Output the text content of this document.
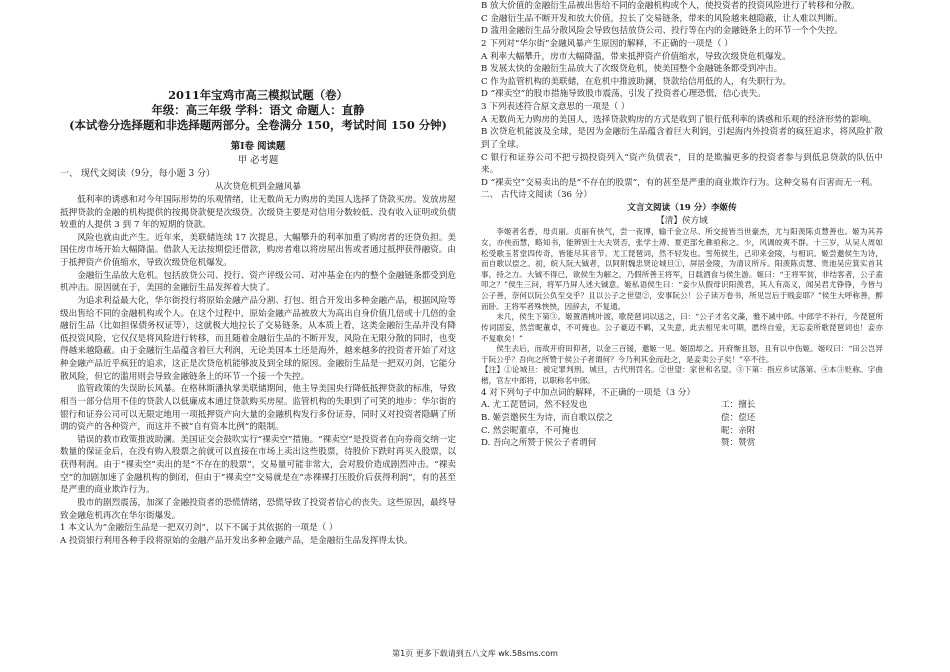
2011年宝鸡市高三模拟试题（卷）
年级：高三年级 学科：语文 命题人：直静
(本试卷分选择题和非选择题两部分。全卷满分 150，考试时间 150 分钟)
第Ⅰ卷 阅读题
甲 必考题

一、 现代文阅读（9分，每小题 3 分）

从次贷危机到金融风暴

低利率的诱惑和对今年国际形势的乐观情绪，让无数尚无力购房的美国人选择了贷款买房。发放房屋抵押贷款的金融的机构提供的按揭贷款便是次级贷。次级贷主要是对信用分数较低、没有收入证明或负债较重的人提供 3 到 7 年的短期的贷款。

风险也就由此产生。近年来，美联储连续 17 次提息，大幅攀升的利率加重了购房者的还贷负担。美国住房市场开始大幅降温。借款人无法按期偿还借款，购房者难以将房屋出售或者通过抵押获得融资。由于抵押资产价值缩水，导致次级贷危机爆发。

金融衍生品放大危机。包括放贷公司、投行、资产评级公司、对冲基金在内的整个金融链条都受到危机冲击。原因就在于，美国的金融衍生品发挥着大快了。

为追求利益最大化，华尔街投行将原始金融产品分割、打包、组合开发出多种金融产品，根据风险等级出售给不同的金融机构或个人。在这个过程中，原始金融产品被放大为高出自身价值几倍或十几倍的金融衍生品（比如担保债务权证等），这就极大地拉长了交易链条。从本质上看，这类金融衍生品并没有降低投资风险，它仅仅是将风险进行转移，而且随着金融衍生品的不断开发，风险在无限分散的同时，也变得越来越隐蔽。由于金融衍生品蕴含着巨大利润，无论美国本土还是海外，越来越多的投资者开始了对这种金融产品近乎疯狂的追求，这正是次贷危机能够波及到全球的原因。金融衍生品是一把双刃剑，它能分散风险，但它的滥用则会导致金融链条上的环节一个接一个失控。

监管政策的失误助长风暴。在格林斯潘执掌美联储期间，他主导美国央行降低抵押贷款的标准，导致相当一部分信用不佳的贷款人以低廉成本通过贷款购买房屋。监管机构的失职到了可笑的地步：华尔街的银行和证券公司可以无限定地用一项抵押资产向大量的金融机构发行多份证券，同时又对投资者隐瞒了所谓的资产的各种资产，而这并不被“自有资本比例”的限制。

错误的救市政策推波助澜。美国证交会鼓吹实行“裸卖空”措施。“裸卖空”是投资者在向券商交纳一定数量的保证金后，在没有购入股票之前就可以直接在市场上卖出这些股票，待股价下跌时再买入股票，以获得利润。由于“裸卖空”卖出的是“不存在的股票”，交易量可能非常大，会对股价造成剧烈冲击。“裸卖空”的加剧加速了金融机构的倒闭，但由于“裸卖空”交易就是在“赤裸裸打压股价后获得利润”，有的甚至是严重的商业欺诈行为。

股市的剧烈震荡，加深了金融投资者的恐慌情绪，恐慌导致了投资者信心的丧失。这些原因，最终导致金融危机再次在华尔街爆发。

1 本文认为“金融衍生品是一把双刃剑”，以下不属于其依据的一项是（ ）

A 投资银行利用各种手段将原始的金融产品开发出多种金融产品，是金融衍生品发挥得太快。

B 放大价值的金融衍生品被出售给不同的金融机构或个人，使投资者的投资风险进行了转移和分散。

C 金融衍生品不断开发和放大价值，拉长了交易链条，带来的风险越来越隐蔽，让人难以判断。

D 滥用金融衍生品分散风险会导致包括放贷公司、投行等在内的金融链条上的环节一个个失控。

2 下列对“华尔街”金融风暴产生原因的解释，不正确的一项是（ ）

A 利率大幅攀升，房市大幅降温，带来抵押资产价值缩水，导致次级贷危机爆发。

B 发展太快的金融衍生品放大了次级贷危机，使美国整个金融链条都受到冲击。

C 作为监管机构的美联储，在危机中推波助澜，贷款给信用低的人，有失职行为。

D “裸卖空”的股市措施导致股市震荡，引发了投资者心理恐慌，信心丧失。

3 下列表述符合原文意思的一项是（ ）

A 无数尚无力购房的美国人，选择贷款购房的方式是收到了银行低利率的诱惑和乐观的经济形势的影响。

B 次贷危机能波及全球，是因为金融衍生品蕴含着巨大利润，引起海内外投资者的疯狂追求，将风险扩散到了全球。

C 银行和证券公司不把亏损投资列入“资产负债表”，目的是欺骗更多的投资者参与到低息贷款的队伍中来。

D “裸卖空”交易卖出的是“不存在的股票”，有的甚至是严重的商业欺诈行为。这种交易有百害而无一利。

二、 古代诗文阅读（36 分）

文言文阅读（19 分）李姬传

【清】侯方域

李姬者名香，母贞丽。贞丽有侠气，尝一夜博，输千金立尽。所交接皆当世豪杰，尤与阳羡陈贞慧善也。姬为其养女，亦侠而慧，略知书，能辨别士大夫贤否，张学士溥、夏吏部允彝亟称之。少，风调皎爽不群。十三岁，从吴人周如松受歌玉茗堂四传奇，皆能尽其音节。尤工琵琶词，然不轻发也。雪苑侯生，己卯来金陵，与相识。姬尝邀侯生为诗，而自歌以偿之。初，皖人阮大铖者，以阿附魏忠贤论城旦①，屏居金陵，为清议所斥。阳羡陈贞慧、贵池吴应箕实首其事，持之力。大铖不得已，欲侯生为解之，乃假所善王将军，日载酒食与侯生游。姬曰：“王将军贫，非结客者，公子盍叩之？”侯生三问，将军乃屏人述大铖意。姬私语侯生曰：“妾少从假母识阳羡君，其人有高义，闻吴君尤铮铮，今皆与公子善，奈何以阮公负至交乎？且以公子之世望②，安事阮公！公子读万卷书，所见岂后于贱妾耶？”侯生大呼称善，醉而卧。王将军者殊怏怏，因辞去，不复通。

未几，侯生下第③。姬置酒桃叶渡，歌琵琶词以送之，曰：“公子才名文藻，雅不减中郎。中郎学不补行，今琵琶所传词固妄，然尝昵董卓，不可掩也。公子豪迈不羁，又失意，此去相见未可期，愿终自爱，无忘妾所歌琵琶词也！妾亦不复歌矣！”

侯生去后，而故开府田仰者，以金三百锾，邀姬一见。姬固却之。开府惭且怒，且有以中伤姬。姬叹曰：“田公岂异于阮公乎？吾向之所赞于侯公子者谓何？今乃利其金而赴之，是妾卖公子矣！”卒不往。

【注】①论城旦：被定罪判刑。城旦，古代刑罚名。②世望：家世和名望。③下第：指应乡试落第。④本③贬称。字曲楷，官左中郎将，以职称名中郎。

4 对下列句子中加点词的解释，不正确的一项是（3 分）

A. 尤工琵琶词，然不轻发也	工：擅长
B. 姬尝邀侯生为诗，而自歌以偿之	偿：偿还
C. 然尝昵董卓，不可掩也	昵：亲附
D. 吾向之所赞于侯公子者谓何	赞：赞赏
第1页 更多下载请到五八文库 wk.58sms.com
